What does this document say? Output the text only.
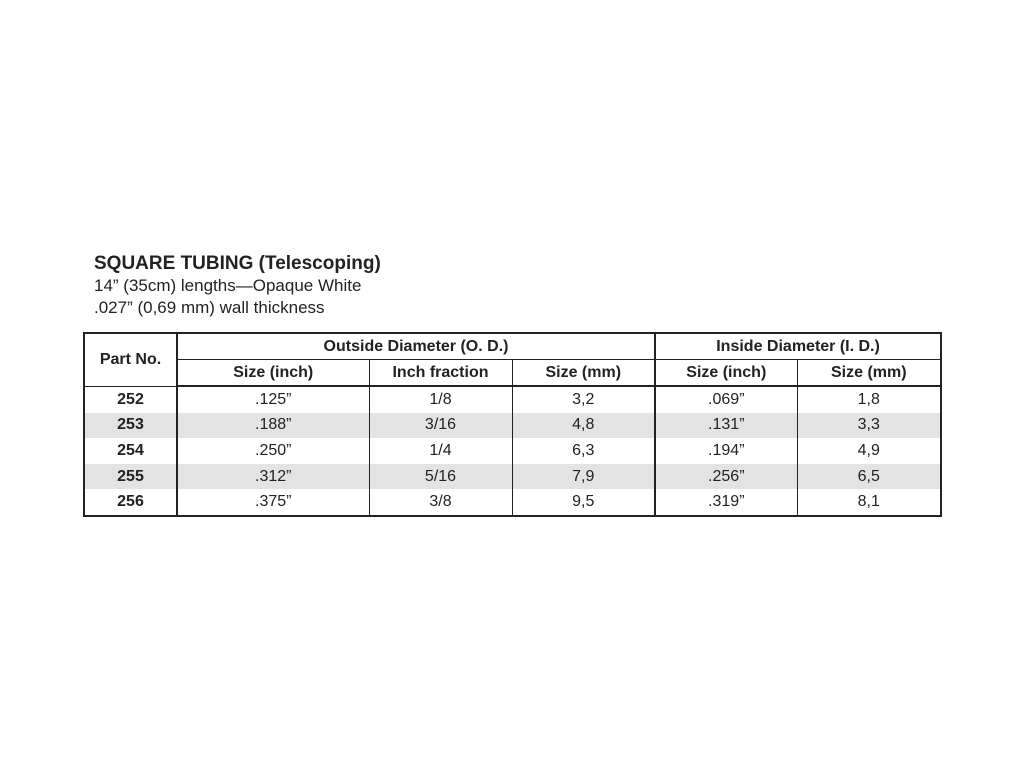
SQUARE TUBING (Telescoping)

14” (35cm) lengths—Opaque White

.027” (0,69 mm) wall thickness

Part No.	Outside Diameter (O. D.)			Inside Diameter (I. D.)	
	Size (inch)	Inch fraction	Size (mm)	Size (inch)	Size (mm)
252	.125”	1/8	3,2	.069”	1,8
253	.188”	3/16	4,8	.131”	3,3
254	.250”	1/4	6,3	.194”	4,9
255	.312”	5/16	7,9	.256”	6,5
256	.375”	3/8	9,5	.319”	8,1
